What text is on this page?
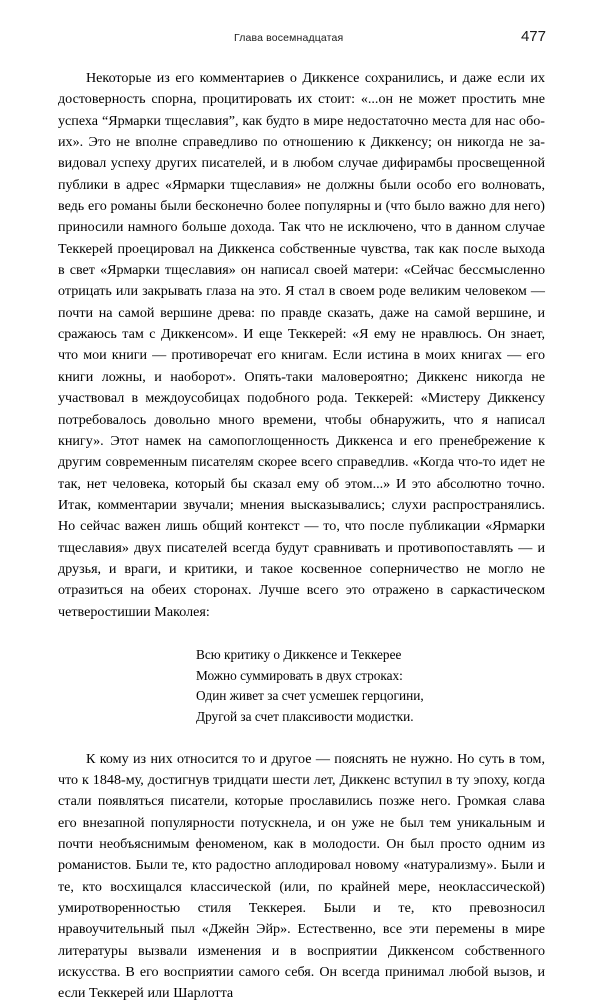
Глава восемнадцатая	477

Некоторые из его комментариев о Диккенсе сохранились, и даже если их достоверность спорна, процитировать их стоит: «...он не может простить мне успеха “Ярмарки тщеславия”, как будто в мире недостаточно места для нас обоих». Это не вполне справедливо по отношению к Диккенсу; он никогда не завидовал успеху других писателей, и в любом случае дифирамбы просвещенной публики в адрес «Ярмарки тщеславия» не должны были особо его волновать, ведь его романы были бесконечно более популярны и (что было важно для него) приносили намного больше дохода. Так что не исключено, что в данном случае Теккерей проецировал на Диккенса собственные чувства, так как после выхода в свет «Ярмарки тщеславия» он написал своей матери: «Сейчас бессмысленно отрицать или закрывать глаза на это. Я стал в своем роде великим человеком — почти на самой вершине древа: по правде сказать, даже на самой вершине, и сражаюсь там с Диккенсом». И еще Теккерей: «Я ему не нравлюсь. Он знает, что мои книги — противоречат его книгам. Если истина в моих книгах — его книги ложны, и наоборот». Опять-таки маловероятно; Диккенс никогда не участвовал в междоусобицах подобного рода. Теккерей: «Мистеру Диккенсу потребовалось довольно много времени, чтобы обнаружить, что я написал книгу». Этот намек на самопоглощенность Диккенса и его пренебрежение к другим современным писателям скорее всего справедлив. «Когда что-то идет не так, нет человека, который бы сказал ему об этом...» И это абсолютно точно. Итак, комментарии звучали; мнения высказывались; слухи распространялись. Но сейчас важен лишь общий контекст — то, что после публикации «Ярмарки тщеславия» двух писателей всегда будут сравнивать и противопоставлять — и друзья, и враги, и критики, и такое косвенное соперничество не могло не отразиться на обеих сторонах. Лучше всего это отражено в саркастическом четверостишии Маколея:

Всю критику о Диккенсе и Теккерее
Можно суммировать в двух строках:
Один живет за счет усмешек герцогини,
Другой за счет плаксивости модистки.

К кому из них относится то и другое — пояснять не нужно. Но суть в том, что к 1848-му, достигнув тридцати шести лет, Диккенс вступил в ту эпоху, когда стали появляться писатели, которые прославились позже него. Громкая слава его внезапной популярности потускнела, и он уже не был тем уникальным и почти необъяснимым феноменом, как в молодости. Он был просто одним из романистов. Были те, кто радостно аплодировал новому «натурализму». Были и те, кто восхищался классической (или, по крайней мере, неоклассической) умиротворенностью стиля Теккерея. Были и те, кто превозносил нравоучительный пыл «Джейн Эйр». Естественно, все эти перемены в мире литературы вызвали изменения и в восприятии Диккенсом собственного искусства. В его восприятии самого себя. Он всегда принимал любой вызов, и если Теккерей или Шарлотта
